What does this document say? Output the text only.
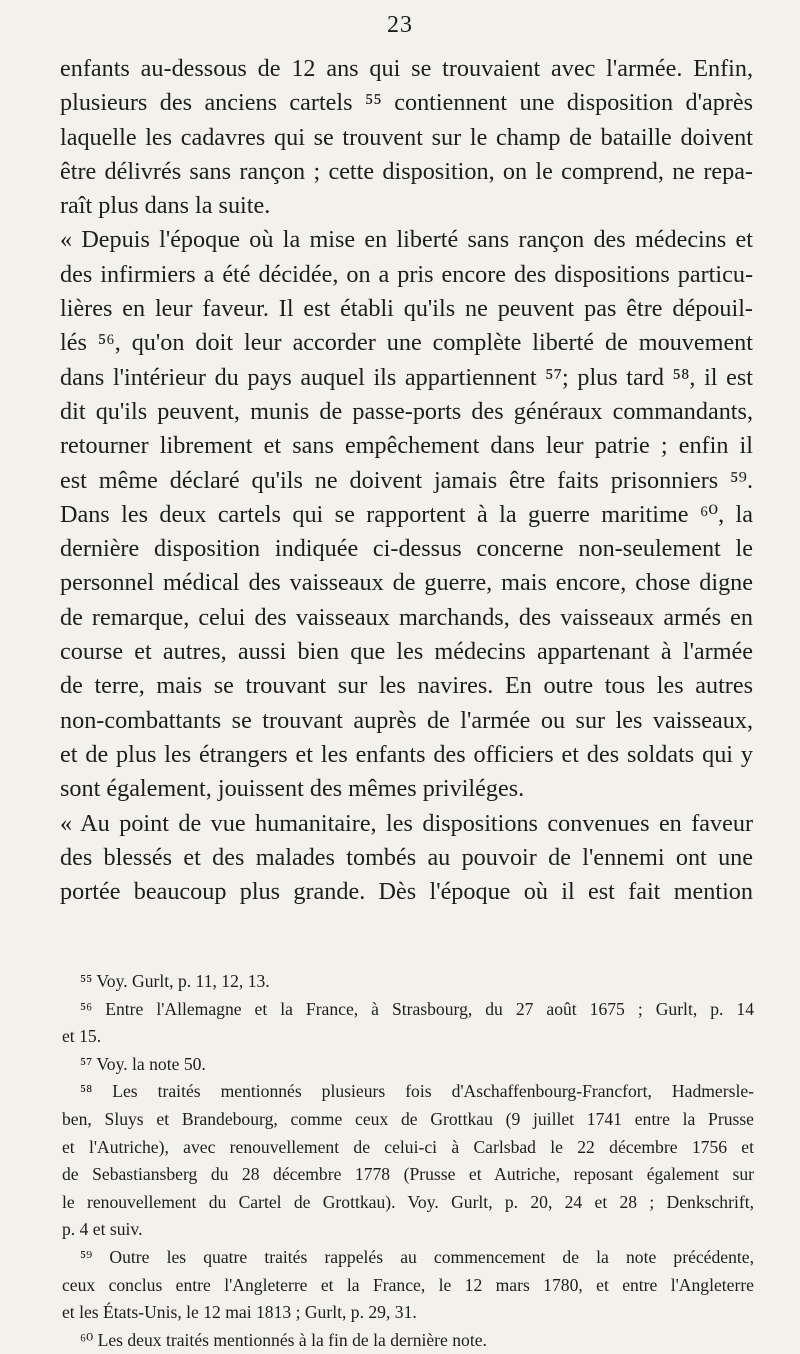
23
enfants au-dessous de 12 ans qui se trouvaient avec l'armée. Enfin,
plusieurs des anciens cartels ⁵⁵ contiennent une disposition d'après
laquelle les cadavres qui se trouvent sur le champ de bataille doivent
être délivrés sans rançon ; cette disposition, on le comprend, ne repa-
raît plus dans la suite.
« Depuis l'époque où la mise en liberté sans rançon des médecins et
des infirmiers a été décidée, on a pris encore des dispositions particu-
lières en leur faveur. Il est établi qu'ils ne peuvent pas être dépouil-
lés ⁵⁶, qu'on doit leur accorder une complète liberté de mouvement
dans l'intérieur du pays auquel ils appartiennent ⁵⁷; plus tard ⁵⁸, il est
dit qu'ils peuvent, munis de passe-ports des généraux commandants,
retourner librement et sans empêchement dans leur patrie ; enfin il
est même déclaré qu'ils ne doivent jamais être faits prisonniers ⁵⁹.
Dans les deux cartels qui se rapportent à la guerre maritime ⁶⁰, la
dernière disposition indiquée ci-dessus concerne non-seulement le
personnel médical des vaisseaux de guerre, mais encore, chose digne
de remarque, celui des vaisseaux marchands, des vaisseaux armés en
course et autres, aussi bien que les médecins appartenant à l'armée
de terre, mais se trouvant sur les navires. En outre tous les autres
non-combattants se trouvant auprès de l'armée ou sur les vaisseaux,
et de plus les étrangers et les enfants des officiers et des soldats qui y
sont également, jouissent des mêmes priviléges.
« Au point de vue humanitaire, les dispositions convenues en faveur
des blessés et des malades tombés au pouvoir de l'ennemi ont une
portée beaucoup plus grande. Dès l'époque où il est fait mention
⁵⁵ Voy. Gurlt, p. 11, 12, 13.
⁵⁶ Entre l'Allemagne et la France, à Strasbourg, du 27 août 1675 ; Gurlt, p. 14
et 15.
⁵⁷ Voy. la note 50.
⁵⁸ Les traités mentionnés plusieurs fois d'Aschaffenbourg-Francfort, Hadmersle-
ben, Sluys et Brandebourg, comme ceux de Grottkau (9 juillet 1741 entre la Prusse
et l'Autriche), avec renouvellement de celui-ci à Carlsbad le 22 décembre 1756 et
de Sebastiansberg du 28 décembre 1778 (Prusse et Autriche, reposant également sur
le renouvellement du Cartel de Grottkau). Voy. Gurlt, p. 20, 24 et 28 ; Denkschrift,
p. 4 et suiv.
⁵⁹ Outre les quatre traités rappelés au commencement de la note précédente,
ceux conclus entre l'Angleterre et la France, le 12 mars 1780, et entre l'Angleterre
et les États-Unis, le 12 mai 1813 ; Gurlt, p. 29, 31.
⁶⁰ Les deux traités mentionnés à la fin de la dernière note.
